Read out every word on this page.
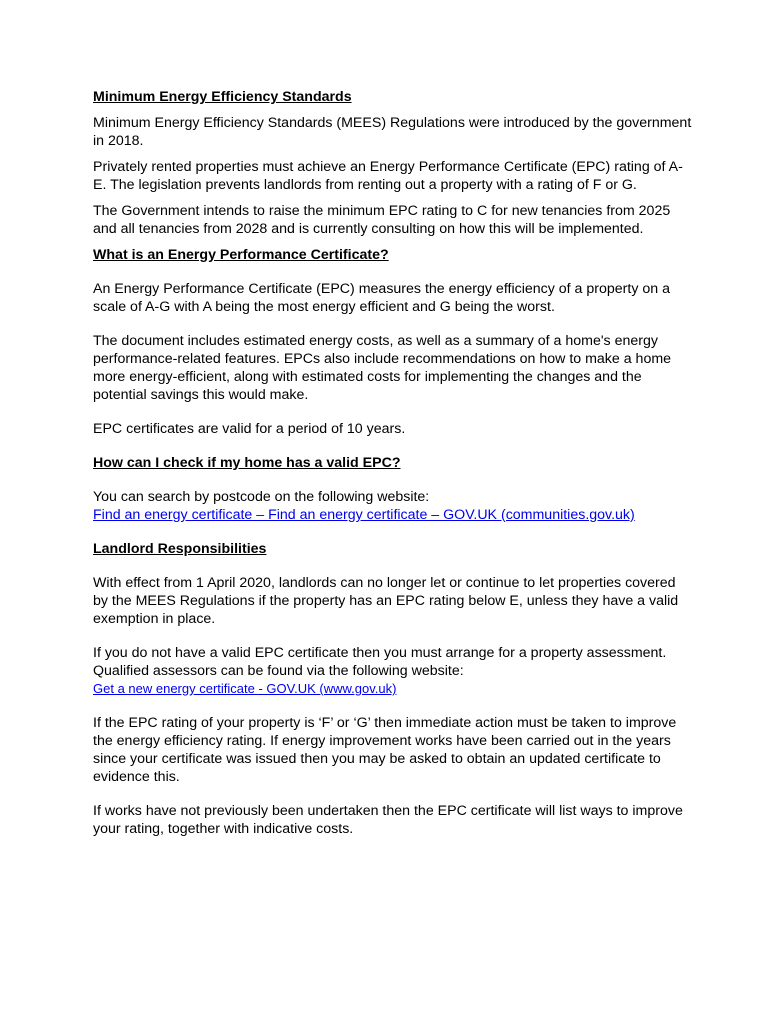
Minimum Energy Efficiency Standards

Minimum Energy Efficiency Standards (MEES) Regulations were introduced by the government in 2018.

Privately rented properties must achieve an Energy Performance Certificate (EPC) rating of A-E. The legislation prevents landlords from renting out a property with a rating of F or G.

The Government intends to raise the minimum EPC rating to C for new tenancies from 2025 and all tenancies from 2028 and is currently consulting on how this will be implemented.

What is an Energy Performance Certificate?

An Energy Performance Certificate (EPC) measures the energy efficiency of a property on a scale of A-G with A being the most energy efficient and G being the worst.

The document includes estimated energy costs, as well as a summary of a home's energy performance-related features. EPCs also include recommendations on how to make a home more energy-efficient, along with estimated costs for implementing the changes and the potential savings this would make.

EPC certificates are valid for a period of 10 years.

How can I check if my home has a valid EPC?

You can search by postcode on the following website:

Find an energy certificate – Find an energy certificate – GOV.UK (communities.gov.uk)

Landlord Responsibilities

With effect from 1 April 2020, landlords can no longer let or continue to let properties covered by the MEES Regulations if the property has an EPC rating below E, unless they have a valid exemption in place.

If you do not have a valid EPC certificate then you must arrange for a property assessment. Qualified assessors can be found via the following website:

Get a new energy certificate - GOV.UK (www.gov.uk)

If the EPC rating of your property is ‘F’ or ‘G’ then immediate action must be taken to improve the energy efficiency rating. If energy improvement works have been carried out in the years since your certificate was issued then you may be asked to obtain an updated certificate to evidence this.

If works have not previously been undertaken then the EPC certificate will list ways to improve your rating, together with indicative costs.
